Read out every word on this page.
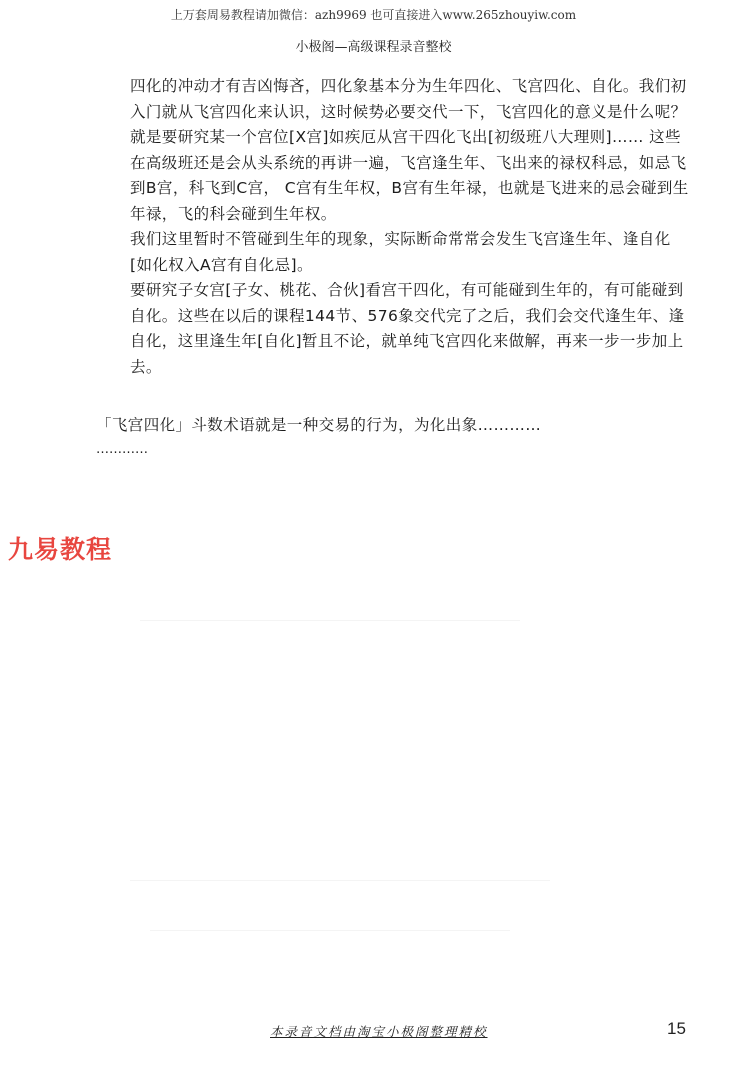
上万套周易教程请加微信：azh9969 也可直接进入www.265zhouyiw.com
小极阁—高级课程录音整校

四化的冲动才有吉凶悔吝，四化象基本分为生年四化、飞宫四化、自化。我们初入门就从飞宫四化来认识，这时候势必要交代一下，飞宫四化的意义是什么呢？ 就是要研究某一个宫位[X宫]如疾厄从宫干四化飞出[初级班八大理则]…… 这些在高级班还是会从头系统的再讲一遍，飞宫逢生年、飞出来的禄权科忌，如忌飞到B宫，科飞到C宫， C宫有生年权，B宫有生年禄，也就是飞进来的忌会碰到生年禄，飞的科会碰到生年权。

我们这里暂时不管碰到生年的现象，实际断命常常会发生飞宫逢生年、逢自化[如化权入A宫有自化忌]。

要研究子女宫[子女、桃花、合伙]看宫干四化，有可能碰到生年的，有可能碰到自化。这些在以后的课程144节、576象交代完了之后，我们会交代逢生年、逢自化，这里逢生年[自化]暂且不论，就单纯飞宫四化来做解，再来一步一步加上去。

「飞宫四化」斗数术语就是一种交易的行为，为化出象…………
…………
九易教程
本录音文档由淘宝小极阁整理精校	15
